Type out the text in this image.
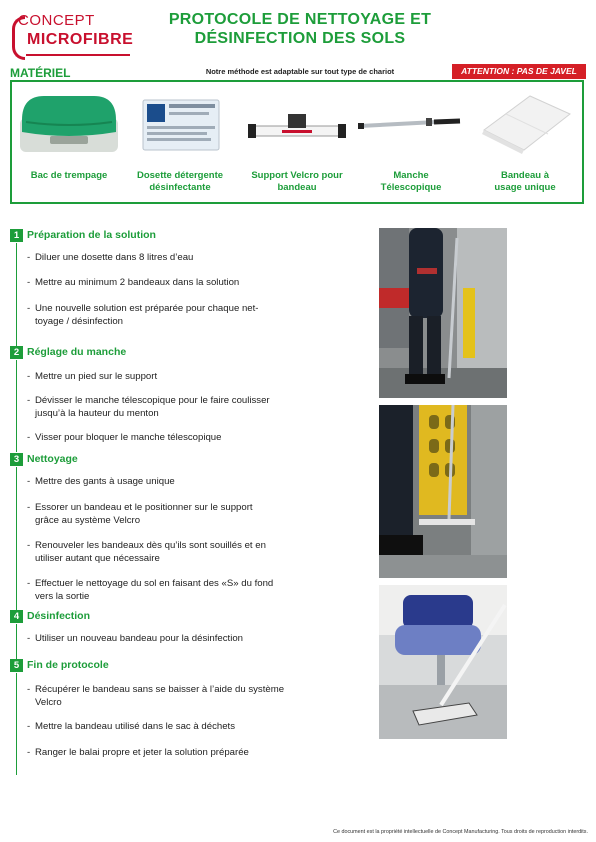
CONCEPT
MICROFIBRE
PROTOCOLE DE NETTOYAGE ET
DÉSINFECTION DES SOLS
MATÉRIEL	Notre méthode est adaptable sur tout type de chariot	ATTENTION : PAS DE JAVEL
Bac de trempage	Dosette détergente
désinfectante
Support Velcro pour
bandeau
Manche
Télescopique
Bandeau à
usage unique
1 Préparation de la solution
- Diluer une dosette dans 8 litres d’eau
- Mettre au minimum 2 bandeaux dans la solution
- Une nouvelle solution est préparée pour chaque net-
toyage / désinfection
2 Réglage du manche
- Mettre un pied sur le support
- Dévisser le manche télescopique pour le faire coulisser
jusqu’à la hauteur du menton
- Visser pour bloquer le manche télescopique
3 Nettoyage
- Mettre des gants à usage unique
- Essorer un bandeau et le positionner sur le support
grâce au système Velcro
- Renouveler les bandeaux dès qu’ils sont souillés et en
utiliser autant que nécessaire
- Effectuer le nettoyage du sol en faisant des «S» du fond
vers la sortie
4 Désinfection
- Utiliser un nouveau bandeau pour la désinfection
5 Fin de protocole
- Récupérer le bandeau sans se baisser à l’aide du système
Velcro
- Mettre la bandeau utilisé dans le sac à déchets
- Ranger le balai propre et jeter la solution préparée
Ce document est la propriété intellectuelle de Concept Manufacturing. Tous droits de reproduction interdits.
